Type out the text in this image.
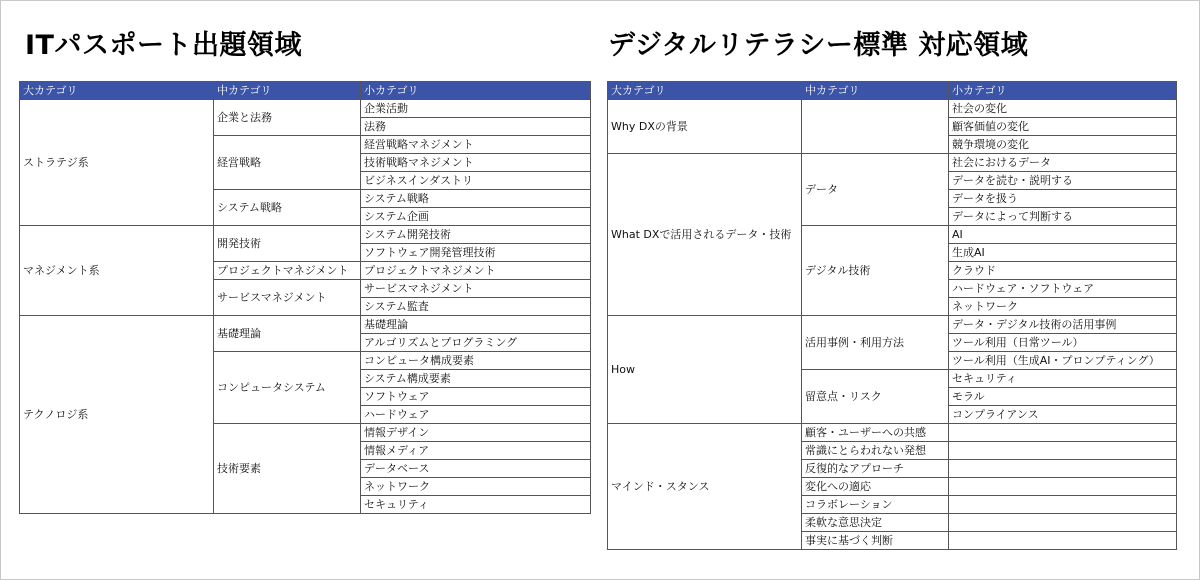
ITパスポート出題領域	デジタルリテラシー標準 対応領域
大カテゴリ	中カテゴリ	小カテゴリ
ストラテジ系	企業と法務	企業活動
		法務
	経営戦略	経営戦略マネジメント
		技術戦略マネジメント
		ビジネスインダストリ
	システム戦略	システム戦略
		システム企画
マネジメント系	開発技術	システム開発技術
		ソフトウェア開発管理技術
	プロジェクトマネジメント	プロジェクトマネジメント
	サービスマネジメント	サービスマネジメント
		システム監査
テクノロジ系	基礎理論	基礎理論
		アルゴリズムとプログラミング
	コンピュータシステム	コンピュータ構成要素
		システム構成要素
		ソフトウェア
		ハードウェア
	技術要素	情報デザイン
		情報メディア
		データベース
		ネットワーク
		セキュリティ
大カテゴリ	中カテゴリ	小カテゴリ
Why DXの背景		社会の変化
		顧客価値の変化
		競争環境の変化
What DXで活用されるデータ・技術	データ	社会におけるデータ
		データを読む・説明する
		データを扱う
		データによって判断する
	デジタル技術	AI
		生成AI
		クラウド
		ハードウェア・ソフトウェア
		ネットワーク
How	活用事例・利用方法	データ・デジタル技術の活用事例
		ツール利用（日常ツール）
		ツール利用（生成AI・プロンプティング）
	留意点・リスク	セキュリティ
		モラル
		コンプライアンス
マインド・スタンス	顧客・ユーザーへの共感	
	常識にとらわれない発想	
	反復的なアプローチ	
	変化への適応	
	コラボレーション	
	柔軟な意思決定	
	事実に基づく判断	
